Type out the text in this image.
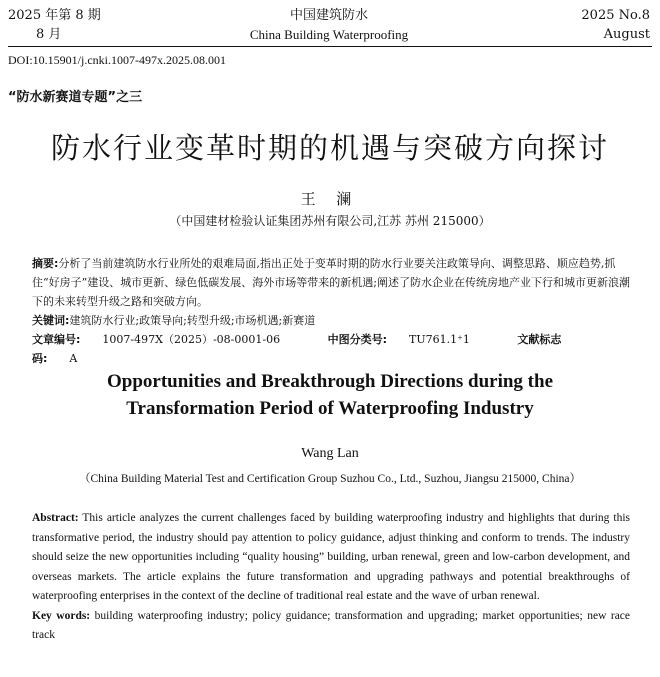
2025 年第 8 期
8 月
中国建筑防水
China Building Waterproofing
2025 No.8
August
DOI:10.15901/j.cnki.1007-497x.2025.08.001
“防水新赛道专题”之三
防水行业变革时期的机遇与突破方向探讨
王 澜
（中国建材检验认证集团苏州有限公司,江苏 苏州 215000）

摘要:分析了当前建筑防水行业所处的艰难局面,指出正处于变革时期的防水行业要关注政策导向、调整思路、顺应趋势,抓住“好房子”建设、城市更新、绿色低碳发展、海外市场等带来的新机遇;阐述了防水企业在传统房地产业下行和城市更新浪潮下的未来转型升级之路和突破方向。

关键词:建筑防水行业;政策导向;转型升级;市场机遇;新赛道

文章编号: 1007-497X（2025）-08-0001-06	中图分类号: TU761.1⁺1	文献标志码: A

Opportunities and Breakthrough Directions during the
Transformation Period of Waterproofing Industry
Wang Lan
（China Building Material Test and Certification Group Suzhou Co., Ltd., Suzhou, Jiangsu 215000, China）

Abstract: This article analyzes the current challenges faced by building waterproofing industry and highlights that during this transformative period, the industry should pay attention to policy guidance, adjust thinking and conform to trends. The industry should seize the new opportunities including “quality housing” building, urban renewal, green and low-carbon development, and overseas markets. The article explains the future transformation and upgrading pathways and potential breakthroughs of waterproofing enterprises in the context of the decline of traditional real estate and the wave of urban renewal.

Key words: building waterproofing industry; policy guidance; transformation and upgrading; market opportunities; new race track
